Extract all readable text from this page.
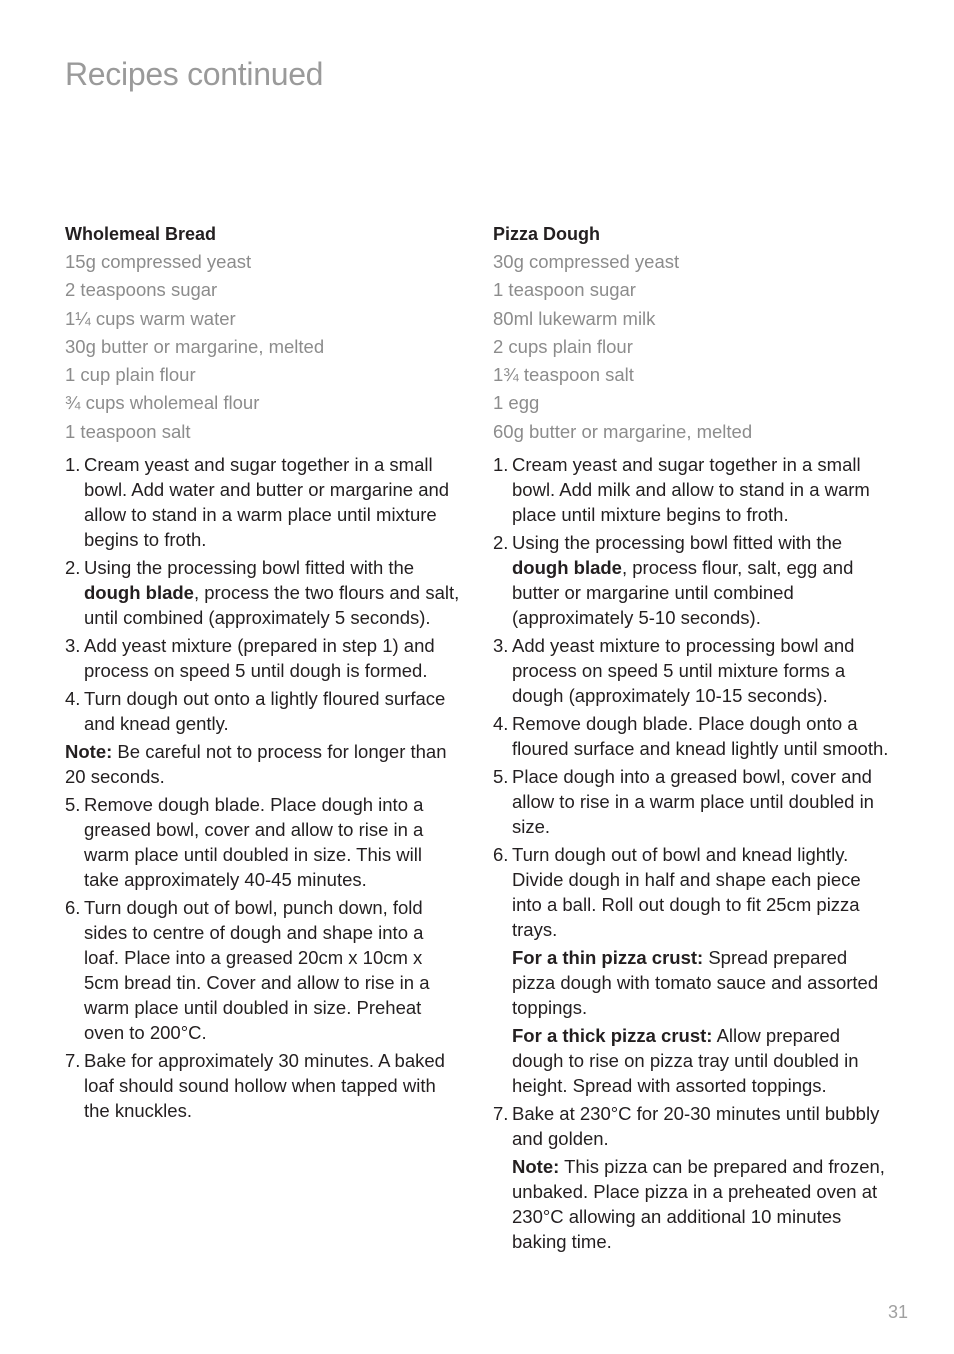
Recipes continued
Wholemeal Bread
15g compressed yeast
2 teaspoons sugar
1¼ cups warm water
30g butter or margarine, melted
1 cup plain flour
¾ cups wholemeal flour
1 teaspoon salt
1. Cream yeast and sugar together in a small bowl. Add water and butter or margarine and allow to stand in a warm place until mixture begins to froth.

2. Using the processing bowl fitted with the dough blade, process the two flours and salt, until combined (approximately 5 seconds).

3. Add yeast mixture (prepared in step 1) and process on speed 5 until dough is formed.

4. Turn dough out onto a lightly floured surface and knead gently.

Note: Be careful not to process for longer than 20 seconds.

5. Remove dough blade. Place dough into a greased bowl, cover and allow to rise in a warm place until doubled in size. This will take approximately 40-45 minutes.

6. Turn dough out of bowl, punch down, fold sides to centre of dough and shape into a loaf. Place into a greased 20cm x 10cm x 5cm bread tin. Cover and allow to rise in a warm place until doubled in size. Preheat oven to 200°C.

7. Bake for approximately 30 minutes. A baked loaf should sound hollow when tapped with the knuckles.

Pizza Dough
30g compressed yeast
1 teaspoon sugar
80ml lukewarm milk
2 cups plain flour
1¾ teaspoon salt
1 egg
60g butter or margarine, melted
1. Cream yeast and sugar together in a small bowl. Add milk and allow to stand in a warm place until mixture begins to froth.

2. Using the processing bowl fitted with the dough blade, process flour, salt, egg and butter or margarine until combined (approximately 5-10 seconds).

3. Add yeast mixture to processing bowl and process on speed 5 until mixture forms a dough (approximately 10-15 seconds).

4. Remove dough blade. Place dough onto a floured surface and knead lightly until smooth.

5. Place dough into a greased bowl, cover and allow to rise in a warm place until doubled in size.

6. Turn dough out of bowl and knead lightly. Divide dough in half and shape each piece into a ball. Roll out dough to fit 25cm pizza trays.

For a thin pizza crust: Spread prepared pizza dough with tomato sauce and assorted toppings.

For a thick pizza crust: Allow prepared dough to rise on pizza tray until doubled in height. Spread with assorted toppings.

7. Bake at 230°C for 20-30 minutes until bubbly and golden.

Note: This pizza can be prepared and frozen, unbaked. Place pizza in a preheated oven at 230°C allowing an additional 10 minutes baking time.

31
